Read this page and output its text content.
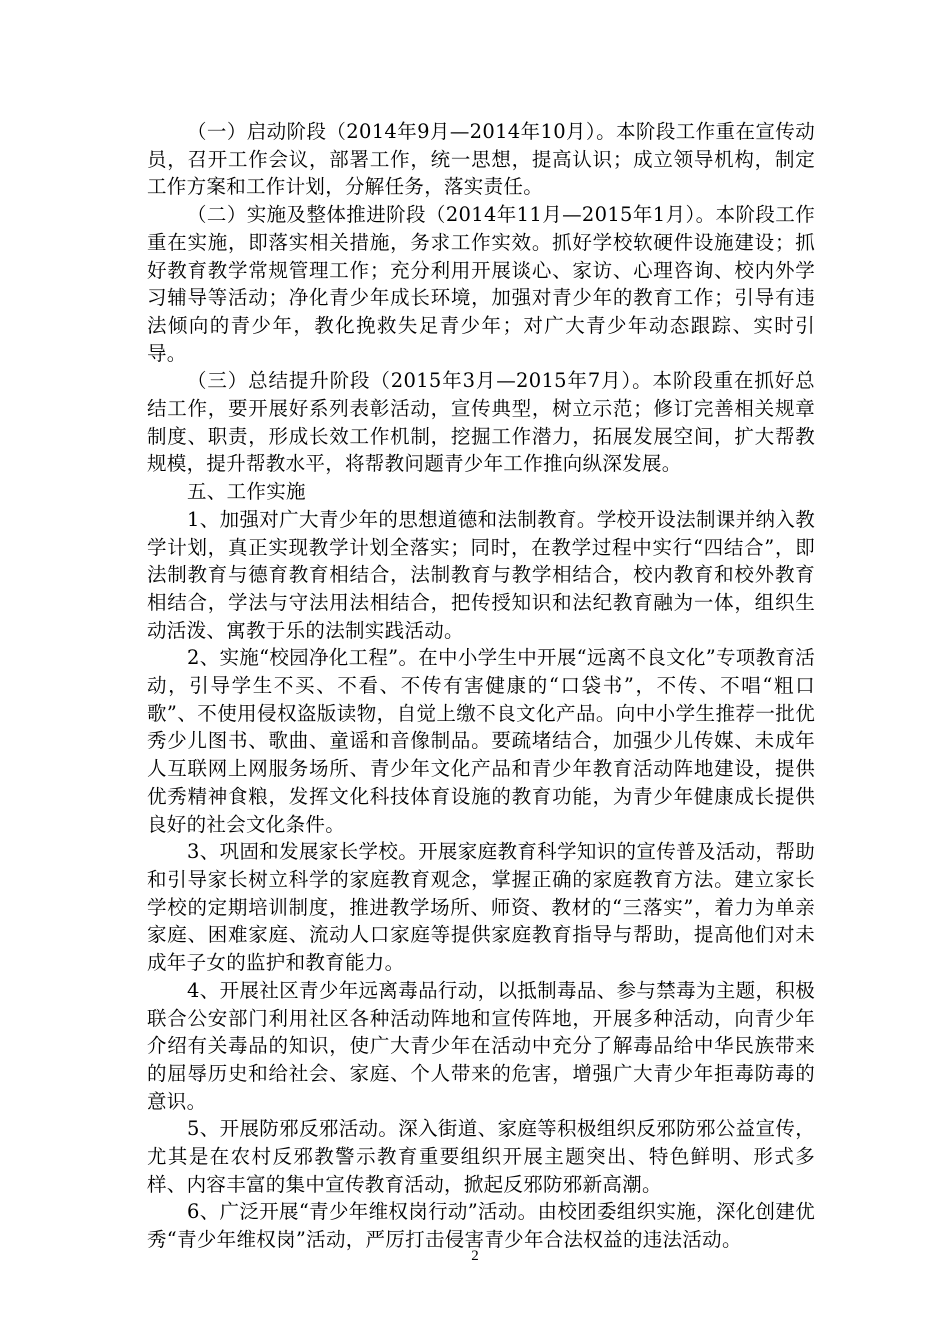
（一）启动阶段（2014年9月—2014年10月）。本阶段工作重在宣传动员，召开工作会议，部署工作，统一思想，提高认识；成立领导机构，制定工作方案和工作计划，分解任务，落实责任。

（二）实施及整体推进阶段（2014年11月—2015年1月）。本阶段工作重在实施，即落实相关措施，务求工作实效。抓好学校软硬件设施建设；抓好教育教学常规管理工作；充分利用开展谈心、家访、心理咨询、校内外学习辅导等活动；净化青少年成长环境，加强对青少年的教育工作；引导有违法倾向的青少年，教化挽救失足青少年；对广大青少年动态跟踪、实时引导。

（三）总结提升阶段（2015年3月—2015年7月）。本阶段重在抓好总结工作，要开展好系列表彰活动，宣传典型，树立示范；修订完善相关规章制度、职责，形成长效工作机制，挖掘工作潜力，拓展发展空间，扩大帮教规模，提升帮教水平，将帮教问题青少年工作推向纵深发展。

五、工作实施

1、加强对广大青少年的思想道德和法制教育。学校开设法制课并纳入教学计划，真正实现教学计划全落实；同时，在教学过程中实行“四结合”，即法制教育与德育教育相结合，法制教育与教学相结合，校内教育和校外教育相结合，学法与守法用法相结合，把传授知识和法纪教育融为一体，组织生动活泼、寓教于乐的法制实践活动。

2、实施“校园净化工程”。在中小学生中开展“远离不良文化”专项教育活动，引导学生不买、不看、不传有害健康的“口袋书”，不传、不唱“粗口歌”、不使用侵权盗版读物，自觉上缴不良文化产品。向中小学生推荐一批优秀少儿图书、歌曲、童谣和音像制品。要疏堵结合，加强少儿传媒、未成年人互联网上网服务场所、青少年文化产品和青少年教育活动阵地建设，提供优秀精神食粮，发挥文化科技体育设施的教育功能，为青少年健康成长提供良好的社会文化条件。

3、巩固和发展家长学校。开展家庭教育科学知识的宣传普及活动，帮助和引导家长树立科学的家庭教育观念，掌握正确的家庭教育方法。建立家长学校的定期培训制度，推进教学场所、师资、教材的“三落实”，着力为单亲家庭、困难家庭、流动人口家庭等提供家庭教育指导与帮助，提高他们对未成年子女的监护和教育能力。

4、开展社区青少年远离毒品行动，以抵制毒品、参与禁毒为主题，积极联合公安部门利用社区各种活动阵地和宣传阵地，开展多种活动，向青少年介绍有关毒品的知识，使广大青少年在活动中充分了解毒品给中华民族带来的屈辱历史和给社会、家庭、个人带来的危害，增强广大青少年拒毒防毒的意识。

5、开展防邪反邪活动。深入街道、家庭等积极组织反邪防邪公益宣传，尤其是在农村反邪教警示教育重要组织开展主题突出、特色鲜明、形式多样、内容丰富的集中宣传教育活动，掀起反邪防邪新高潮。

6、广泛开展“青少年维权岗行动”活动。由校团委组织实施，深化创建优秀“青少年维权岗”活动，严厉打击侵害青少年合法权益的违法活动。

2
